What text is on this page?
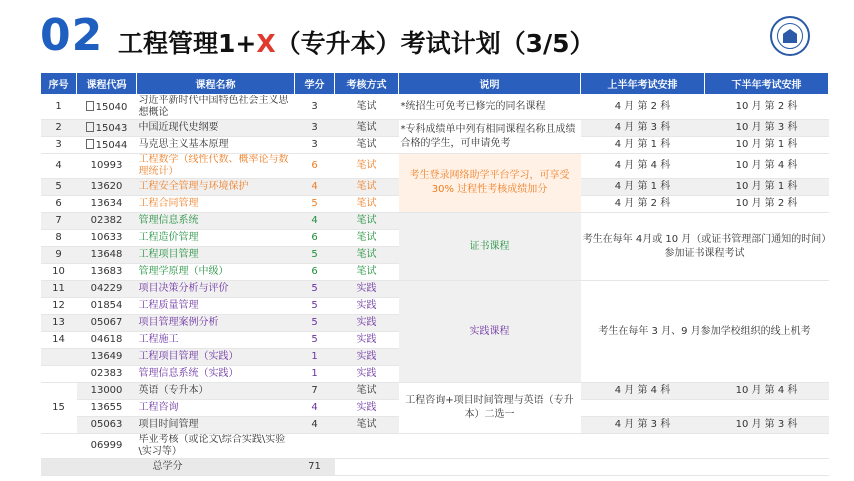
02 工程管理1+X（专升本）考试计划（3/5）
序号	课程代码	课程名称	学分	考核方式	说明	上半年考试安排	下半年考试安排
1	15040	习近平新时代中国特色社会主义思想概论	3	笔试	*统招生可免考已修完的同名课程	4 月 第 2 科	10 月 第 2 科
2	15043	中国近现代史纲要	3	笔试	*专科成绩单中列有相同课程名称且成绩合格的学生，可申请免考	4 月 第 3 科	10 月 第 3 科
3	15044	马克思主义基本原理	3	笔试		4 月 第 1 科	10 月 第 1 科
4	10993	工程数学（线性代数、概率论与数理统计）	6	笔试	考生登录网络助学平台学习，可享受 30% 过程性考核成绩加分	4 月 第 4 科	10 月 第 4 科
5	13620	工程安全管理与环境保护	4	笔试		4 月 第 1 科	10 月 第 1 科
6	13634	工程合同管理	5	笔试		4 月 第 2 科	10 月 第 2 科
7	02382	管理信息系统	4	笔试	证书课程	考生在每年 4月或 10 月（或证书管理部门通知的时间）参加证书课程考试	
8	10633	工程造价管理	6	笔试			
9	13648	工程项目管理	5	笔试			
10	13683	管理学原理（中级）	6	笔试			
11	04229	项目决策分析与评价	5	实践	实践课程	考生在每年 3 月、9 月参加学校组织的线上机考	
12	01854	工程质量管理	5	实践			
13	05067	项目管理案例分析	5	实践			
14	04618	工程施工	5	实践			
	13649	工程项目管理（实践）	1	实践			
	02383	管理信息系统（实践）	1	实践			
15	13000	英语（专升本）	7	笔试	工程咨询+项目时间管理与英语（专升本）二选一	4 月 第 4 科	10 月 第 4 科
	13655	工程咨询	4	实践			
	05063	项目时间管理	4	笔试		4 月 第 3 科	10 月 第 3 科
	06999	毕业考核（或论文\综合实践\实验\实习等）					
总学分			71				
